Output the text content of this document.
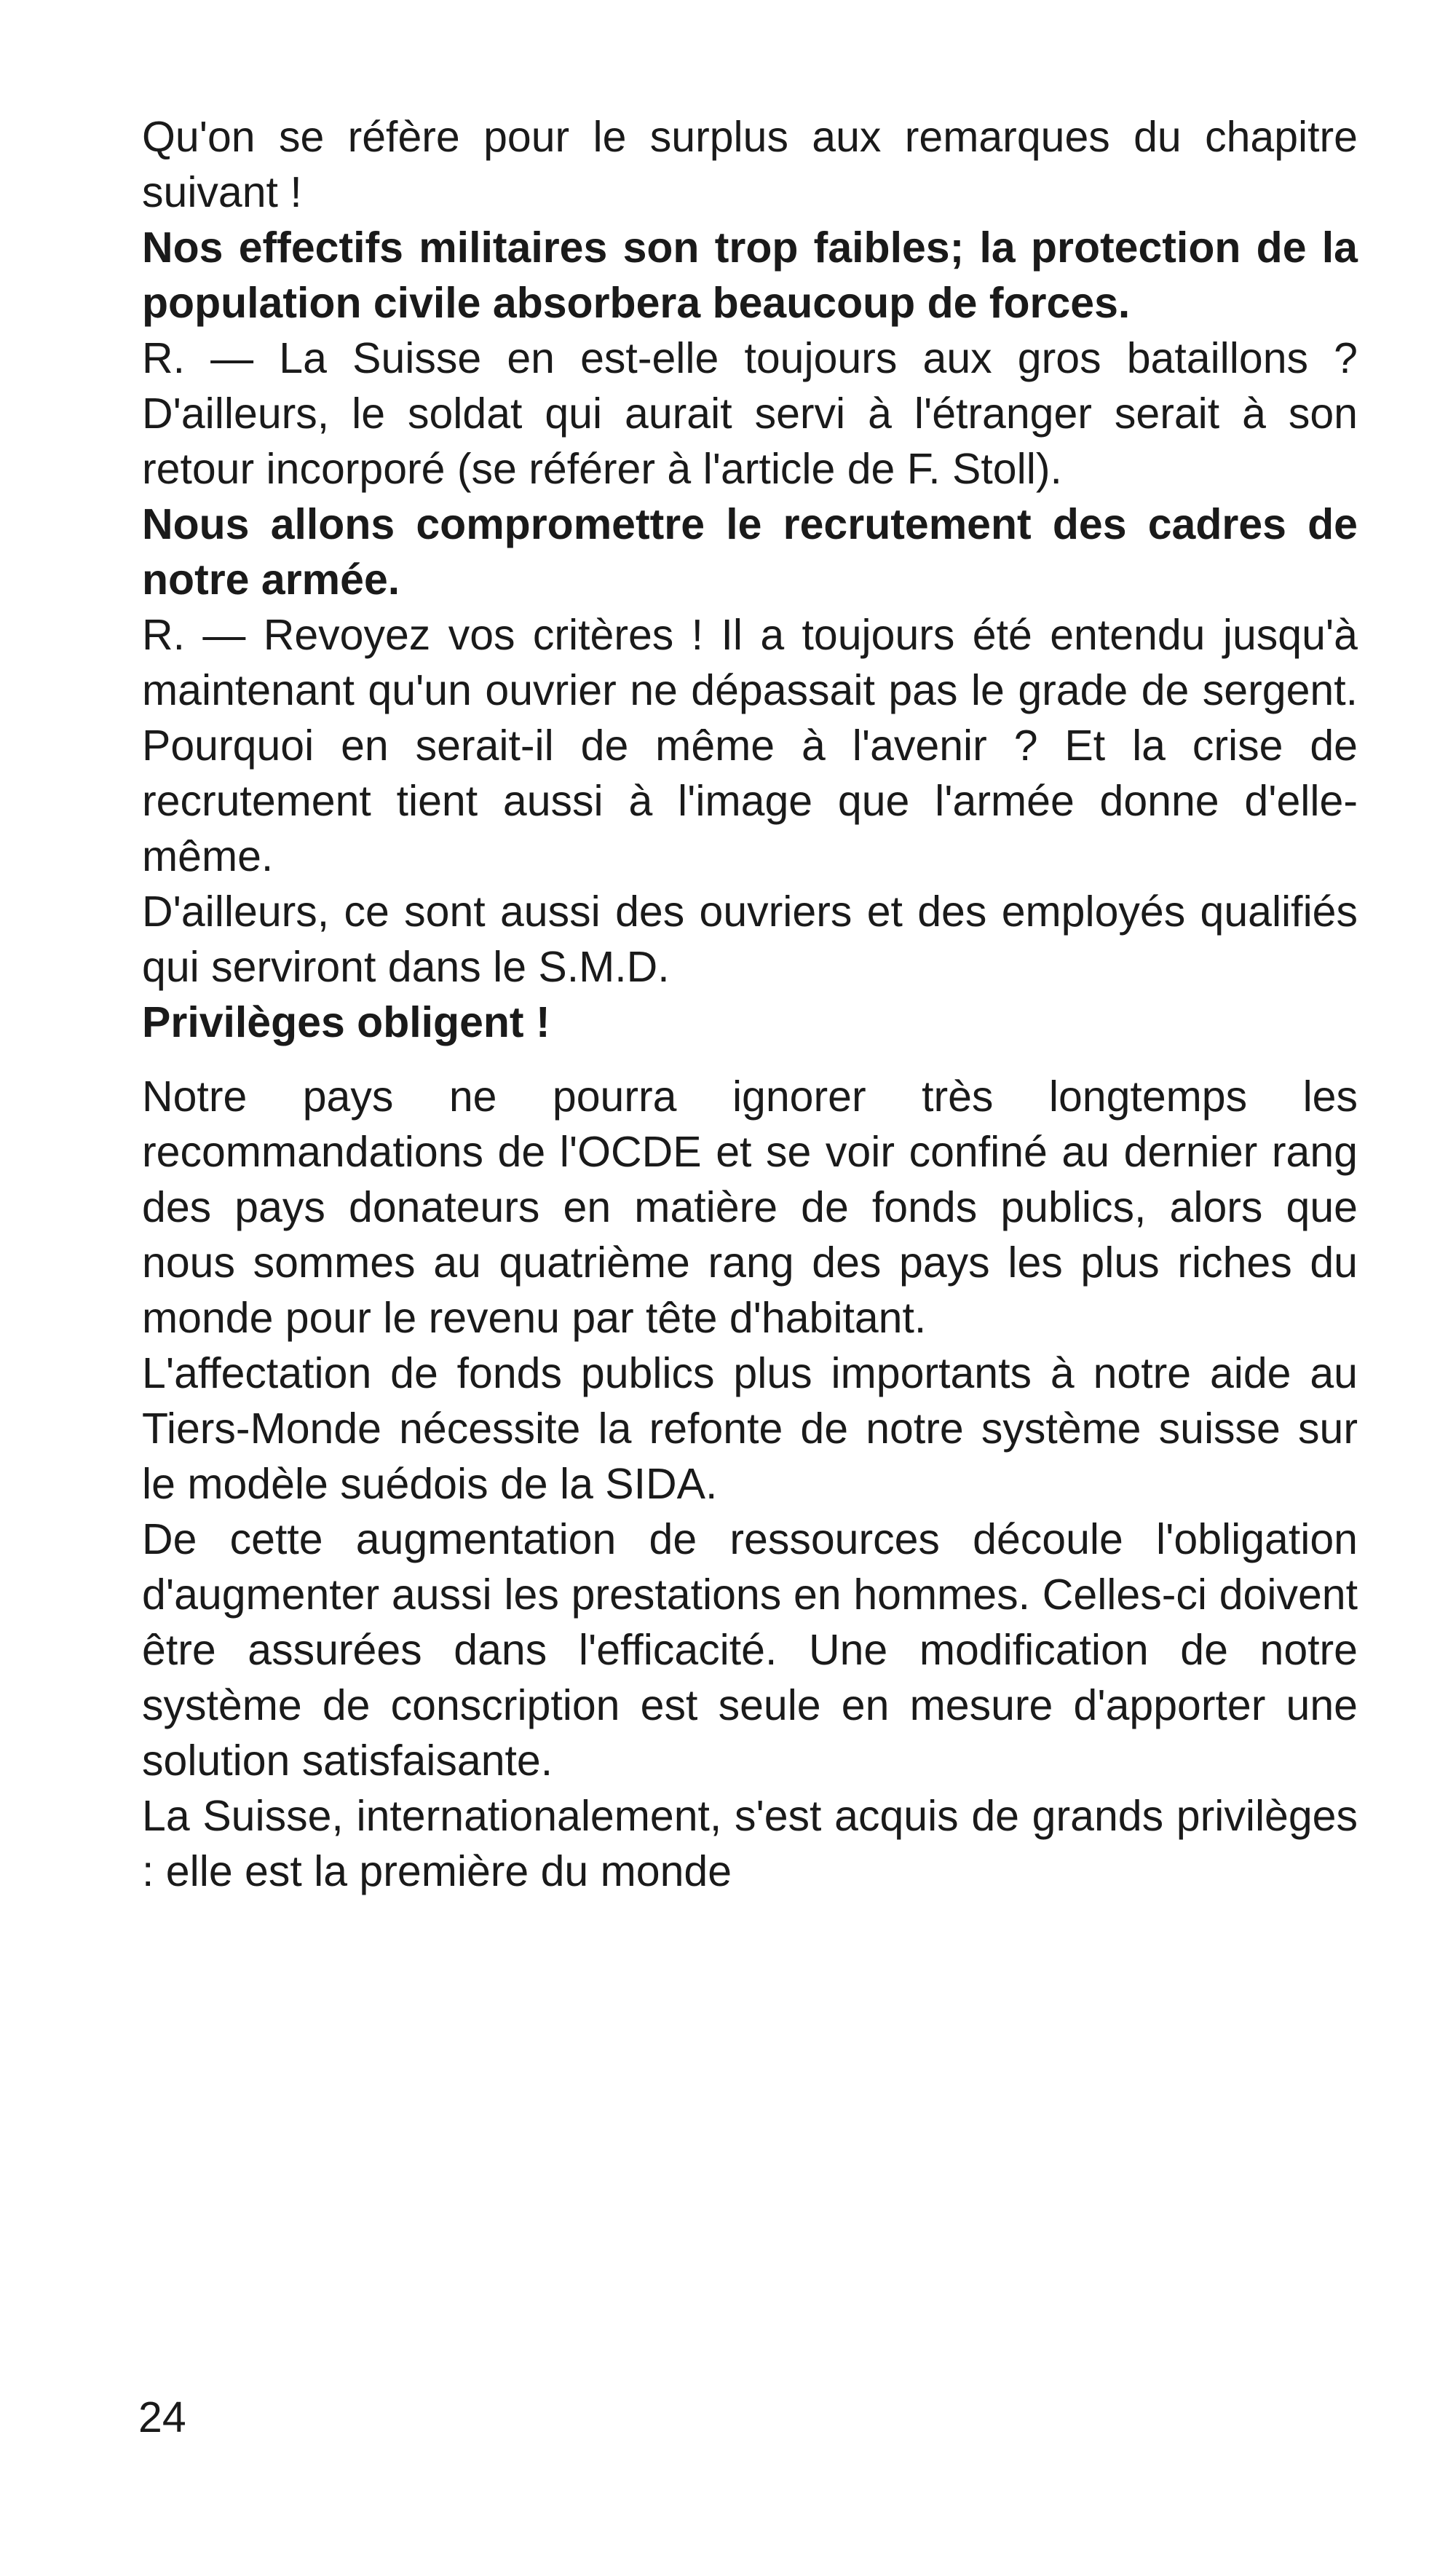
Qu'on se réfère pour le surplus aux remarques du chapitre suivant !

Nos effectifs militaires son trop faibles; la protection de la population civile absorbera beaucoup de forces.

R. — La Suisse en est-elle toujours aux gros bataillons ? D'ailleurs, le soldat qui aurait servi à l'étranger serait à son retour incorporé (se référer à l'article de F. Stoll).

Nous allons compromettre le recrutement des cadres de notre armée.

R. — Revoyez vos critères ! Il a toujours été entendu jusqu'à maintenant qu'un ouvrier ne dépassait pas le grade de sergent. Pourquoi en serait-il de même à l'avenir ? Et la crise de recrutement tient aussi à l'image que l'armée donne d'elle-même.

D'ailleurs, ce sont aussi des ouvriers et des employés qualifiés qui serviront dans le S.M.D.

Privilèges obligent !

Notre pays ne pourra ignorer très longtemps les recommandations de l'OCDE et se voir confiné au dernier rang des pays donateurs en matière de fonds publics, alors que nous sommes au quatrième rang des pays les plus riches du monde pour le revenu par tête d'habitant.

L'affectation de fonds publics plus importants à notre aide au Tiers-Monde nécessite la refonte de notre système suisse sur le modèle suédois de la SIDA.

De cette augmentation de ressources découle l'obligation d'augmenter aussi les prestations en hommes. Celles-ci doivent être assurées dans l'efficacité. Une modification de notre système de conscription est seule en mesure d'apporter une solution satisfaisante.

La Suisse, internationalement, s'est acquis de grands privilèges : elle est la première du monde

24
